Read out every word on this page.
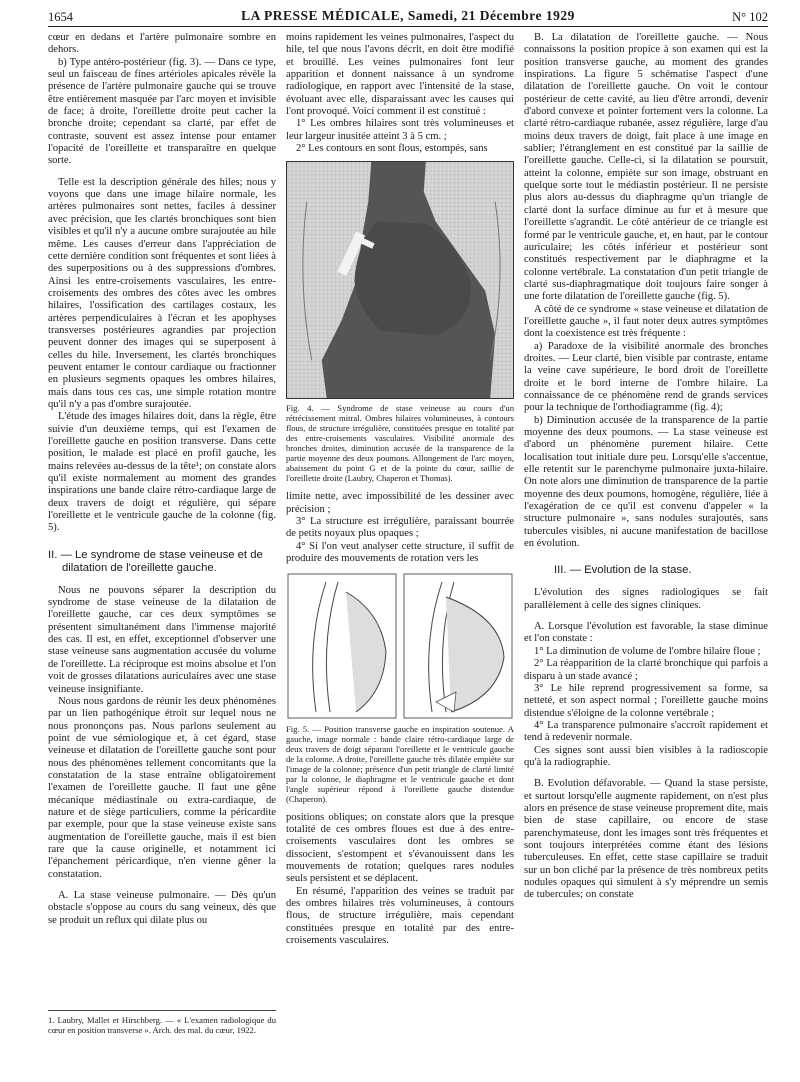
1654	LA PRESSE MÉDICALE, Samedi, 21 Décembre 1929	N° 102

cœur en dedans et l'artère pulmonaire sombre en dehors.

b) Type antéro-postérieur (fig. 3). — Dans ce type, seul un faisceau de fines artérioles apicales révèle la présence de l'artère pulmonaire gauche qui se trouve être entièrement masquée par l'arc moyen et invisible de face; à droite, l'oreillette droite peut cacher la bronche droite; cependant sa clarté, par effet de contraste, souvent est assez intense pour entamer l'opacité de l'oreillette et transparaître en quelque sorte.

Telle est la description générale des hiles; nous y voyons que dans une image hilaire normale, les artères pulmonaires sont nettes, faciles à dessiner avec précision, que les clartés bronchiques sont bien visibles et qu'il n'y a aucune ombre surajoutée au hile même. Les causes d'erreur dans l'appréciation de cette dernière condition sont fréquentes et sont liées à des superpositions ou à des suppressions d'ombres. Ainsi les entre-croisements vasculaires, les entre-croisements des ombres des côtes avec les ombres hilaires, l'ossification des cartilages costaux, les artères perpendiculaires à l'écran et les apophyses transverses postérieures agrandies par projection peuvent donner des images qui se superposent à celles du hile. Inversement, les clartés bronchiques peuvent entamer le contour cardiaque ou fractionner en plusieurs segments opaques les ombres hilaires, mais dans tous ces cas, une simple rotation montre qu'il n'y a pas d'ombre surajoutée.

L'étude des images hilaires doit, dans la règle, être suivie d'un deuxième temps, qui est l'examen de l'oreillette gauche en position transverse. Dans cette position, le malade est placé en profil gauche, les mains relevées au-dessus de la tête¹; on constate alors qu'il existe normalement au moment des grandes inspirations une bande claire rétro-cardiaque large de deux travers de doigt et régulière, qui sépare l'oreillette et le ventricule gauche de la colonne (fig. 5).

II. — Le syndrome de stase veineuse et de
dilatation de l'oreillette gauche.

Nous ne pouvons séparer la description du syndrome de stase veineuse de la dilatation de l'oreillette gauche, car ces deux symptômes se présentent simultanément dans l'immense majorité des cas. Il est, en effet, exceptionnel d'observer une stase veineuse sans augmentation accusée du volume de l'oreillette. La réciproque est moins absolue et l'on voit de grosses dilatations auriculaires avec une stase veineuse insignifiante.

Nous nous gardons de réunir les deux phénomènes par un lien pathogénique étroit sur lequel nous ne nous prononçons pas. Nous parlons seulement au point de vue sémiologique et, à cet égard, stase veineuse et dilatation de l'oreillette gauche sont pour nous des phénomènes tellement concomitants que la constatation de la stase entraîne obligatoirement l'examen de l'oreillette gauche. Il faut une gêne mécanique médiastinale ou extra-cardiaque, de nature et de siège particuliers, comme la péricardite par exemple, pour que la stase veineuse existe sans augmentation de l'oreillette gauche, mais il est bien rare que la cause originelle, et notamment ici l'épanchement péricardique, n'en vienne gêner la constatation.

A. La stase veineuse pulmonaire. — Dès qu'un obstacle s'oppose au cours du sang veineux, dès que se produit un reflux qui dilate plus ou

1. Laubry, Mallet et Hirschberg. — « L'examen radiologique du cœur en position transverse ». Arch. des mal. du cœur, 1922.

moins rapidement les veines pulmonaires, l'aspect du hile, tel que nous l'avons décrit, en doit être modifié et brouillé. Les veines pulmonaires font leur apparition et donnent naissance à un syndrome radiologique, en rapport avec l'intensité de la stase, évoluant avec elle, disparaissant avec les causes qui l'ont provoqué. Voici comment il est constitué :

1° Les ombres hilaires sont très volumineuses et leur largeur inusitée atteint 3 à 5 cm. ;

2° Les contours en sont flous, estompés, sans

Fig. 4. — Syndrome de stase veineuse au cours d'un rétrécissement mitral. Ombres hilaires volumineuses, à contours flous, de structure irrégulière, constituées presque en totalité par des entre-croisements vasculaires. Visibilité anormale des bronches droites, diminution accusée de la transparence de la partie moyenne des deux poumons. Allongement de l'arc moyen, abaissement du point G et de la pointe du cœur, saillie de l'oreillette droite (Laubry, Chaperon et Thomas).

limite nette, avec impossibilité de les dessiner avec précision ;

3° La structure est irrégulière, paraissant bourrée de petits noyaux plus opaques ;

4° Si l'on veut analyser cette structure, il suffit de produire des mouvements de rotation vers les

Fig. 5. — Position transverse gauche en inspiration soutenue. A gauche, image normale : bande claire rétro-cardiaque large de deux travers de doigt séparant l'oreillette et le ventricule gauche de la colonne. A droite, l'oreillette gauche très dilatée empiète sur l'image de la colonne; présence d'un petit triangle de clarté limité par la colonne, le diaphragme et le ventricule gauche et dont l'angle supérieur répond à l'oreillette gauche distendue (Chaperon).

positions obliques; on constate alors que la presque totalité de ces ombres floues est due à des entre-croisements vasculaires dont les ombres se dissocient, s'estompent et s'évanouissent dans les mouvements de rotation; quelques rares nodules seuls persistent et se déplacent.

En résumé, l'apparition des veines se traduit par des ombres hilaires très volumineuses, à contours flous, de structure irrégulière, mais cependant constituées presque en totalité par des entre-croisements vasculaires.

B. La dilatation de l'oreillette gauche. — Nous connaissons la position propice à son examen qui est la position transverse gauche, au moment des grandes inspirations. La figure 5 schématise l'aspect d'une dilatation de l'oreillette gauche. On voit le contour postérieur de cette cavité, au lieu d'être arrondi, devenir d'abord convexe et pointer fortement vers la colonne. La clarté rétro-cardiaque rubanée, assez régulière, large d'au moins deux travers de doigt, fait place à une image en sablier; l'étranglement en est constitué par la saillie de l'oreillette gauche. Celle-ci, si la dilatation se poursuit, atteint la colonne, empiète sur son image, obstruant en quelque sorte tout le médiastin postérieur. Il ne persiste plus alors au-dessus du diaphragme qu'un triangle de clarté dont la surface diminue au fur et à mesure que l'oreillette s'agrandit. Le côté antérieur de ce triangle est formé par le ventricule gauche, et, en haut, par le contour auriculaire; les côtés inférieur et postérieur sont constitués respectivement par le diaphragme et la colonne vertébrale. La constatation d'un petit triangle de clarté sus-diaphragmatique doit toujours faire songer à une forte dilatation de l'oreillette gauche (fig. 5).

A côté de ce syndrome « stase veineuse et dilatation de l'oreillette gauche », il faut noter deux autres symptômes dont la coexistence est très fréquente :

a) Paradoxe de la visibilité anormale des bronches droites. — Leur clarté, bien visible par contraste, entame la veine cave supérieure, le bord droit de l'oreillette droite et le bord interne de l'ombre hilaire. La connaissance de ce phénomène rend de grands services pour la technique de l'orthodiagramme (fig. 4);

b) Diminution accusée de la transparence de la partie moyenne des deux poumons. — La stase veineuse est d'abord un phénomène purement hilaire. Cette localisation tout initiale dure peu. Lorsqu'elle s'accentue, elle retentit sur le parenchyme pulmonaire juxta-hilaire. On note alors une diminution de transparence de la partie moyenne des deux poumons, homogène, régulière, liée à l'exagération de ce qu'il est convenu d'appeler « la structure pulmonaire », sans nodules surajoutés, sans tubercules visibles, ni aucune manifestation de bacillose en évolution.

III. — Evolution de la stase.

L'évolution des signes radiologiques se fait parallèlement à celle des signes cliniques.

A. Lorsque l'évolution est favorable, la stase diminue et l'on constate :

1° La diminution de volume de l'ombre hilaire floue ;

2° La réapparition de la clarté bronchique qui parfois a disparu à un stade avancé ;

3° Le hile reprend progressivement sa forme, sa netteté, et son aspect normal ; l'oreillette gauche moins distendue s'éloigne de la colonne vertébrale ;

4° La transparence pulmonaire s'accroît rapidement et tend à redevenir normale.

Ces signes sont aussi bien visibles à la radioscopie qu'à la radiographie.

B. Evolution défavorable. — Quand la stase persiste, et surtout lorsqu'elle augmente rapidement, on n'est plus alors en présence de stase veineuse proprement dite, mais bien de stase capillaire, ou encore de stase parenchymateuse, dont les images sont très fréquentes et sont toujours interprétées comme étant des lésions tuberculeuses. En effet, cette stase capillaire se traduit sur un bon cliché par la présence de très nombreux petits nodules opaques qui simulent à s'y méprendre un semis de tubercules; on constate
